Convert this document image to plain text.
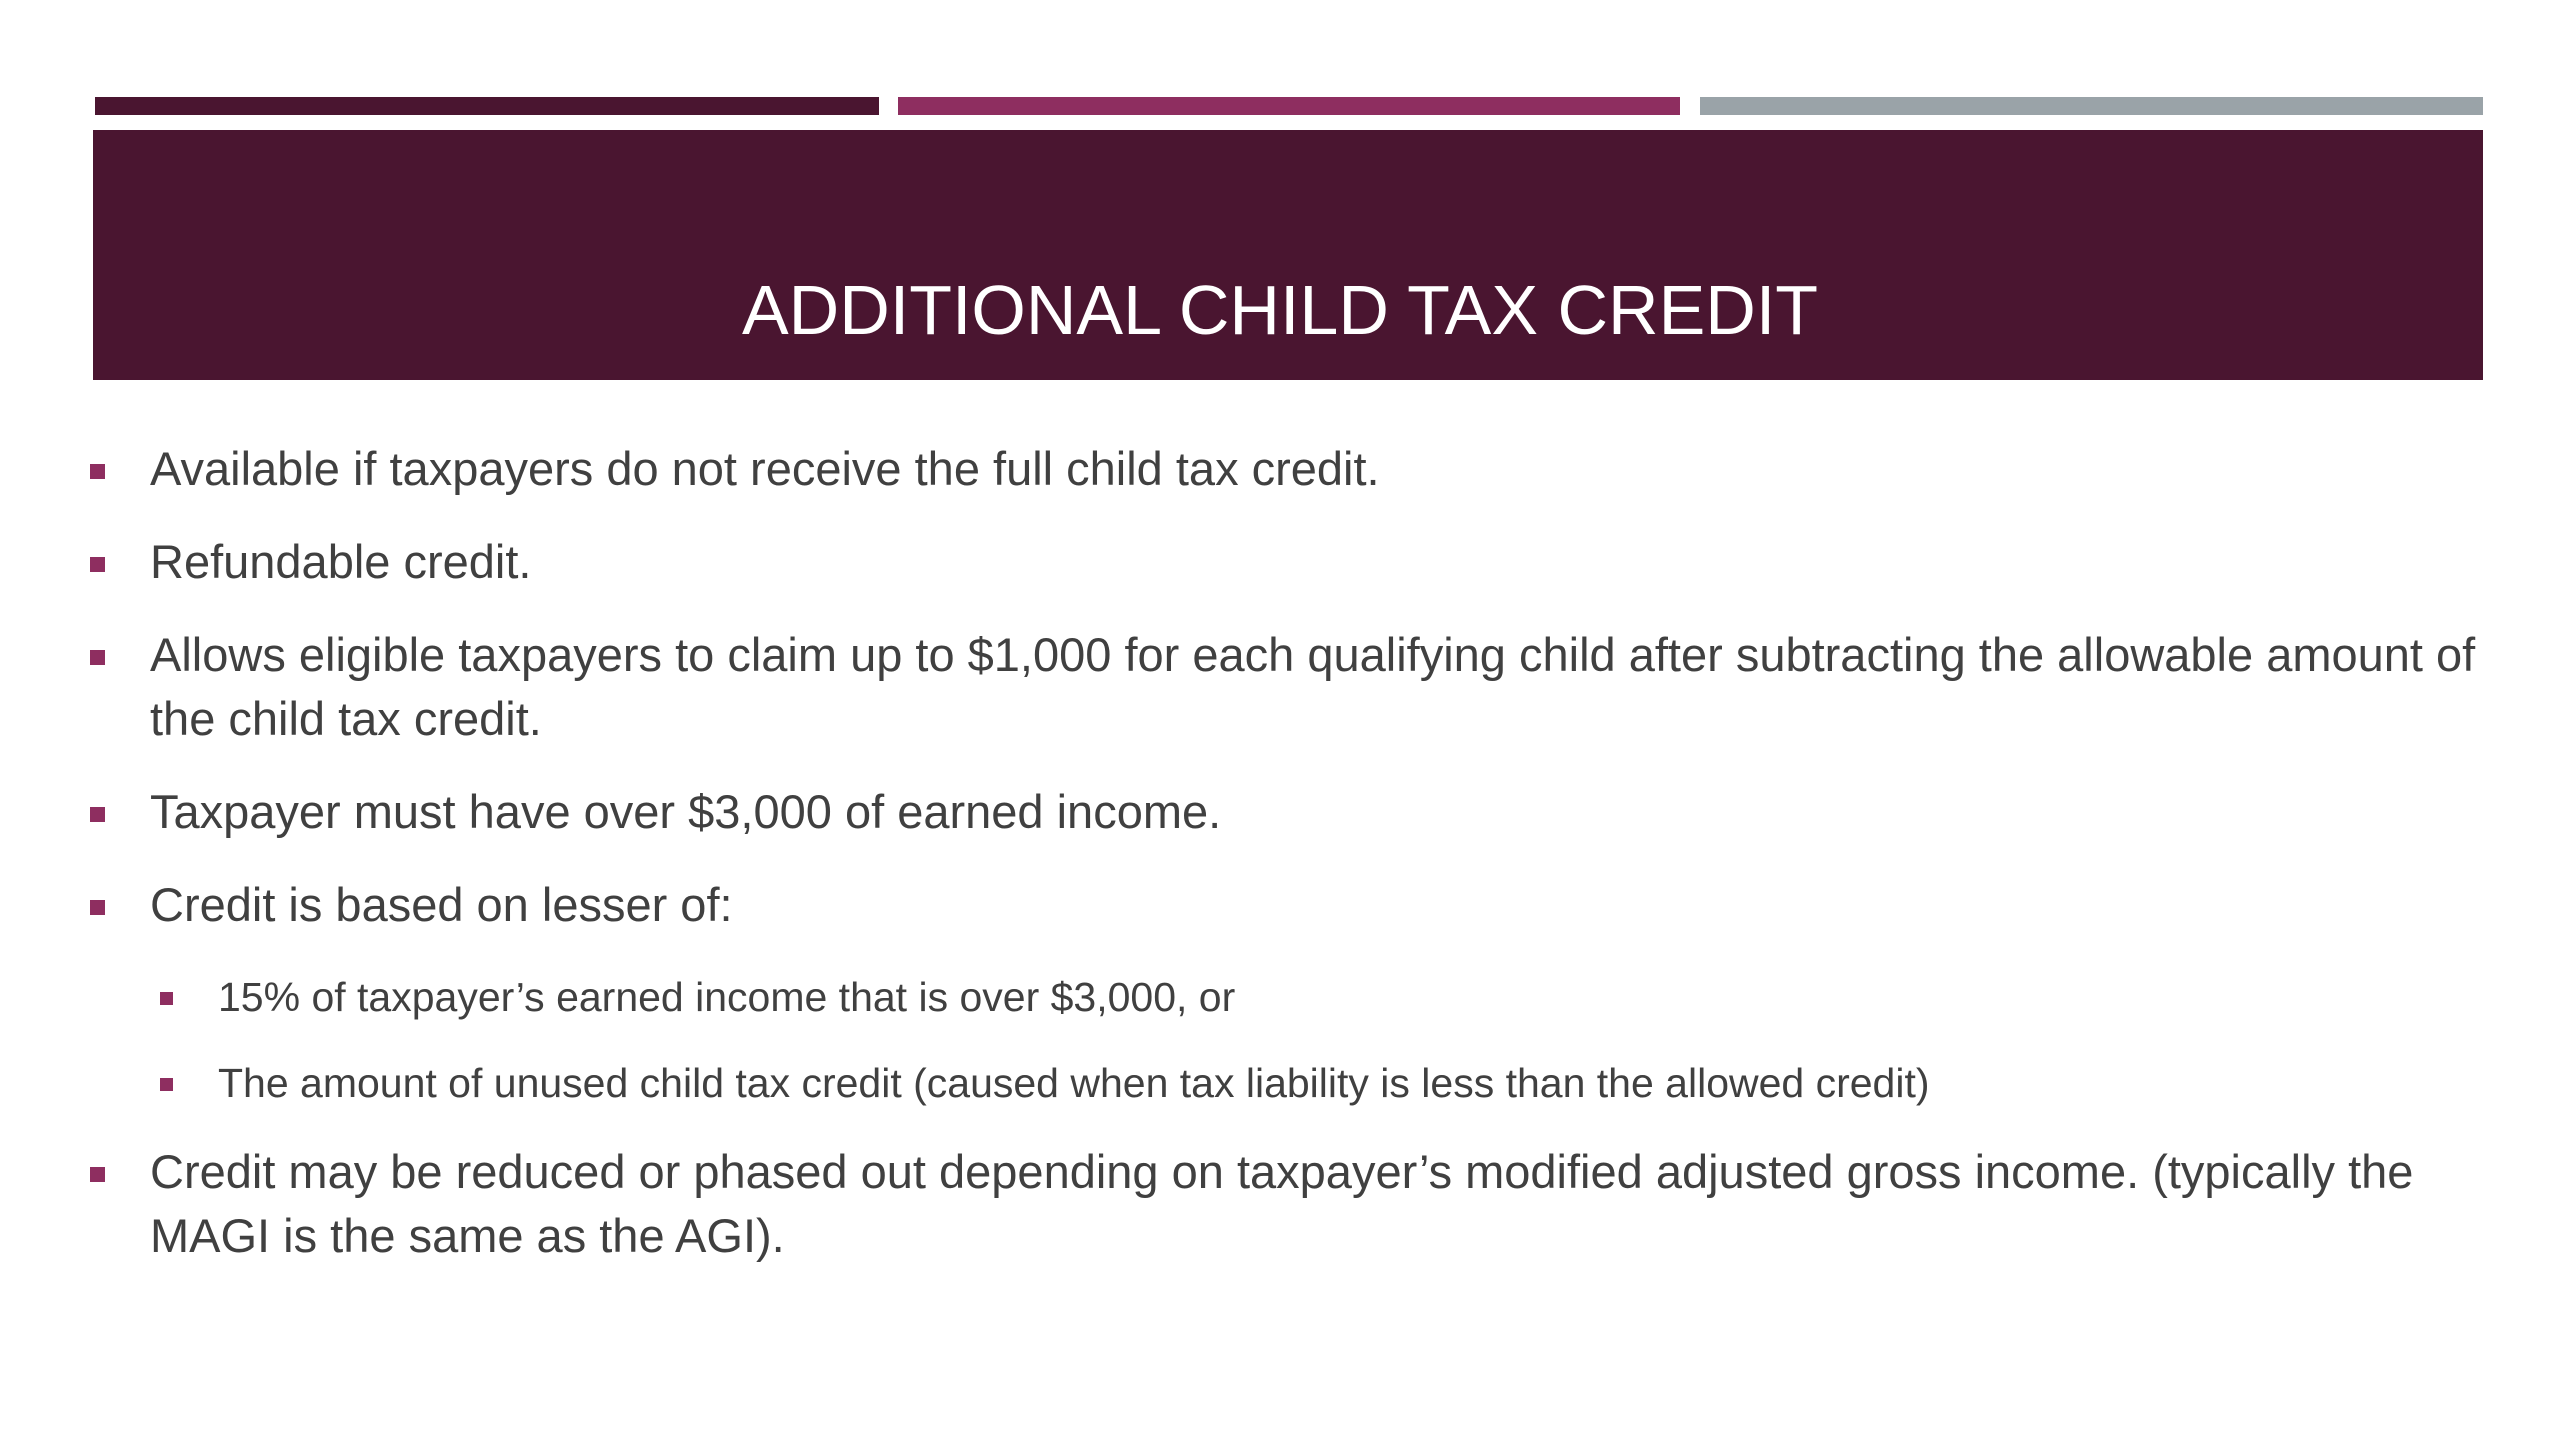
ADDITIONAL CHILD TAX CREDIT
Available if taxpayers do not receive the full child tax credit.
Refundable credit.
Allows eligible taxpayers to claim up to $1,000 for each qualifying child after subtracting the allowable amount of the child tax credit.
Taxpayer must have over $3,000 of earned income.
Credit is based on lesser of:
15% of taxpayer’s earned income that is over $3,000, or
The amount of unused child tax credit (caused when tax liability is less than the allowed credit)
Credit may be reduced or phased out depending on taxpayer’s modified adjusted gross income. (typically the MAGI is the same as the AGI).
